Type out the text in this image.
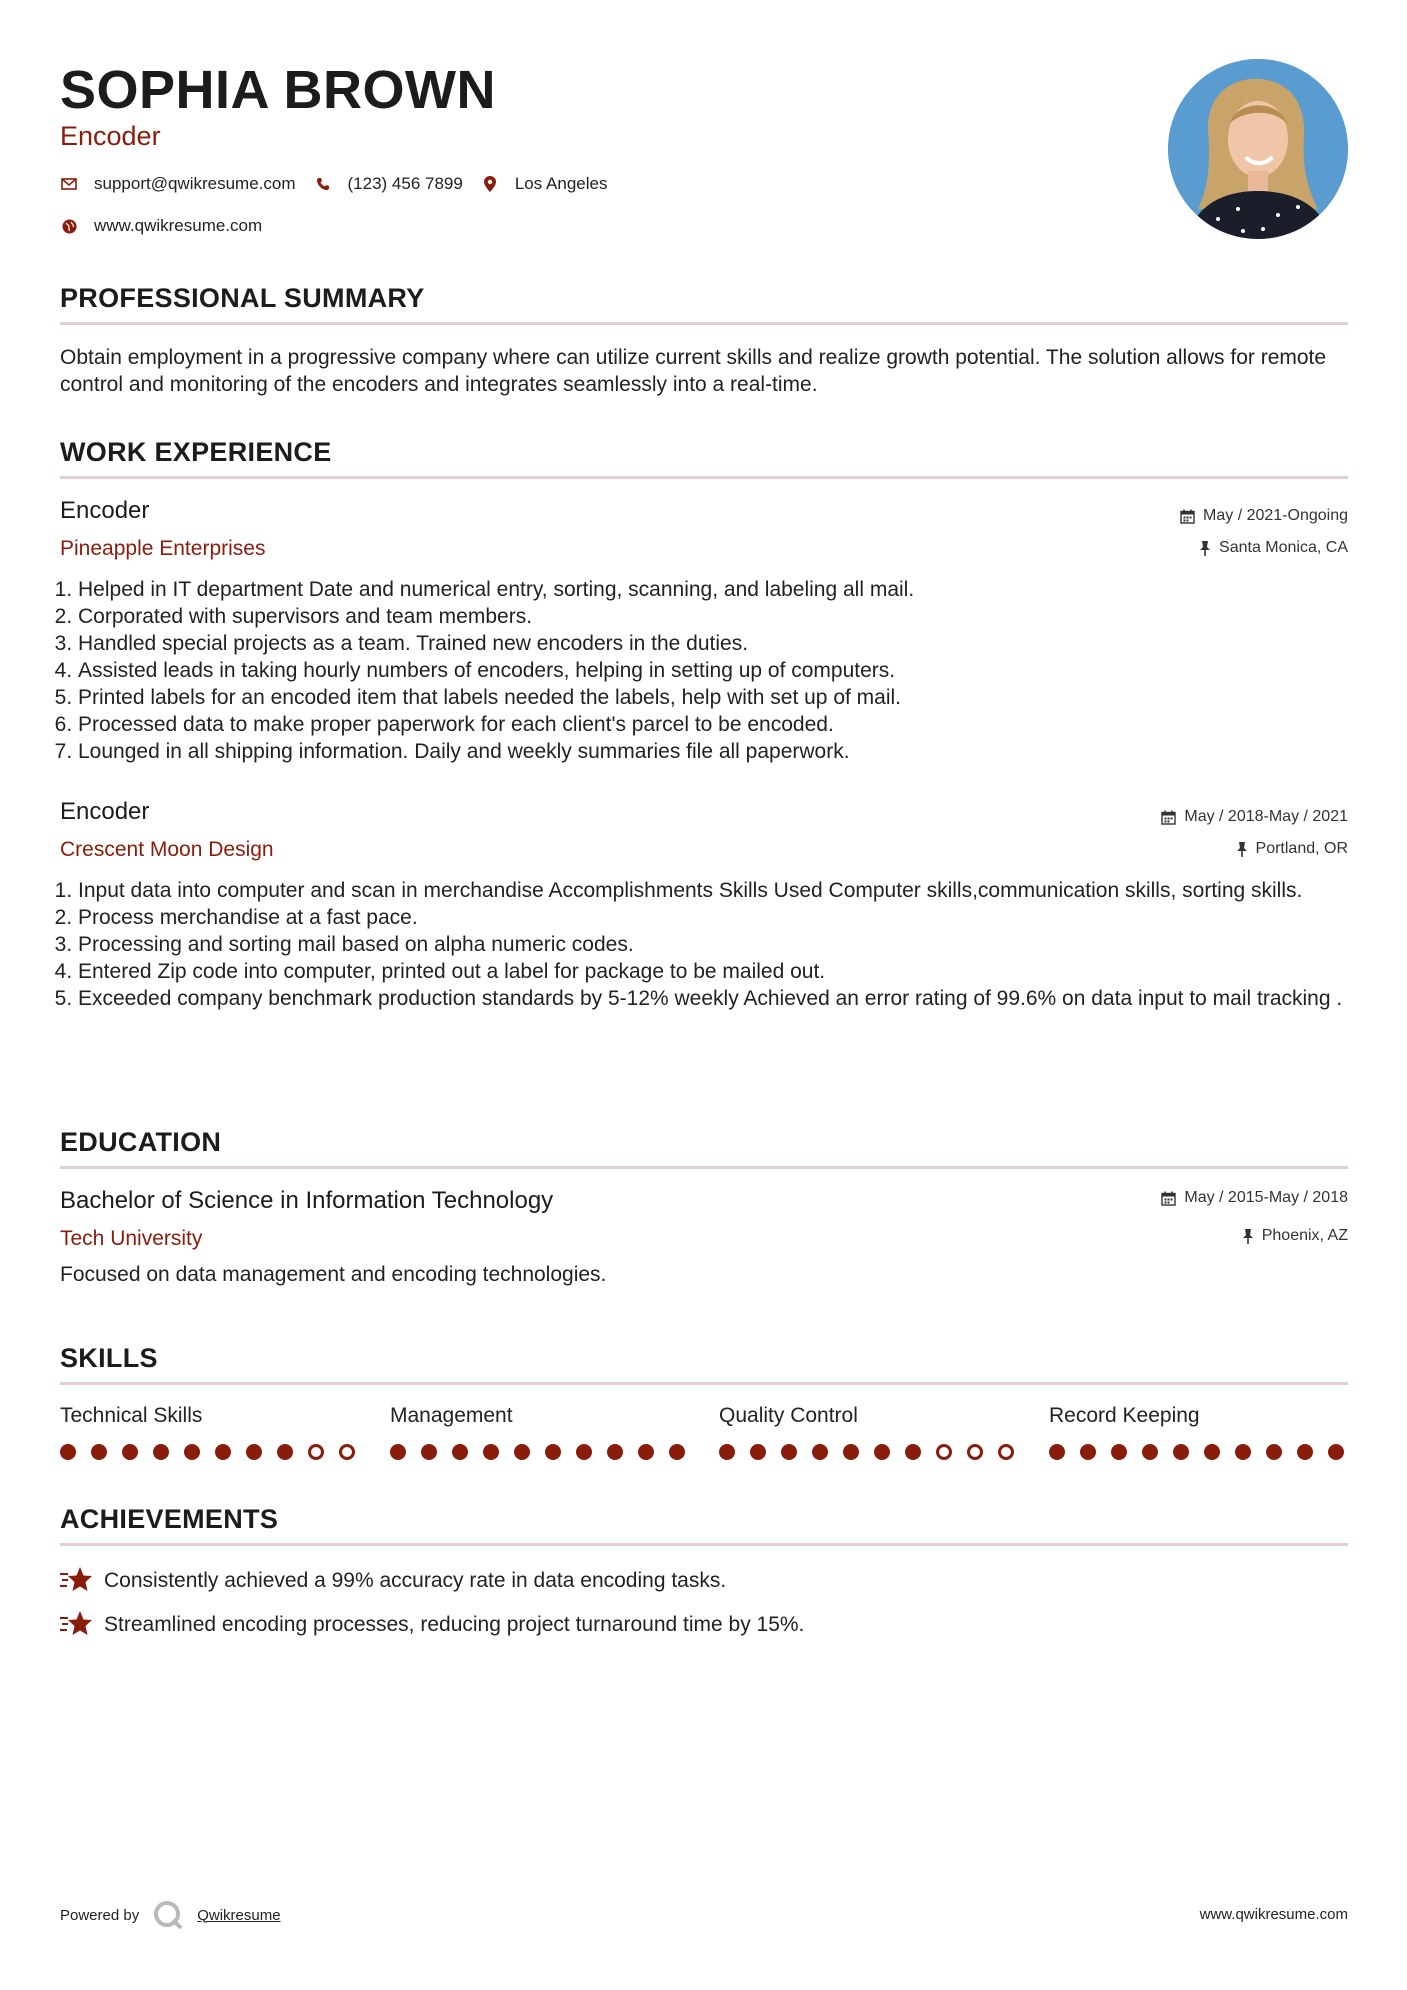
SOPHIA BROWN
Encoder
support@qwikresume.com	(123) 456 7899	Los Angeles
www.qwikresume.com
PROFESSIONAL SUMMARY
Obtain employment in a progressive company where can utilize current skills and realize growth potential. The solution allows for remote control and monitoring of the encoders and integrates seamlessly into a real-time.
WORK EXPERIENCE
Encoder
Pineapple Enterprises
May / 2021-Ongoing
Santa Monica, CA
1. Helped in IT department Date and numerical entry, sorting, scanning, and labeling all mail.
2. Corporated with supervisors and team members.
3. Handled special projects as a team. Trained new encoders in the duties.
4. Assisted leads in taking hourly numbers of encoders, helping in setting up of computers.
5. Printed labels for an encoded item that labels needed the labels, help with set up of mail.
6. Processed data to make proper paperwork for each client's parcel to be encoded.
7. Lounged in all shipping information. Daily and weekly summaries file all paperwork.
Encoder
Crescent Moon Design
May / 2018-May / 2021
Portland, OR
1. Input data into computer and scan in merchandise Accomplishments Skills Used Computer skills,communication skills, sorting skills.
2. Process merchandise at a fast pace.
3. Processing and sorting mail based on alpha numeric codes.
4. Entered Zip code into computer, printed out a label for package to be mailed out.
5. Exceeded company benchmark production standards by 5-12% weekly Achieved an error rating of 99.6% on data input to mail tracking .
EDUCATION
Bachelor of Science in Information Technology
Tech University
May / 2015-May / 2018
Phoenix, AZ
Focused on data management and encoding technologies.
SKILLS
Technical Skills	Management	Quality Control	Record Keeping
ACHIEVEMENTS
Consistently achieved a 99% accuracy rate in data encoding tasks.
Streamlined encoding processes, reducing project turnaround time by 15%.
Powered by	Qwikresume	www.qwikresume.com
